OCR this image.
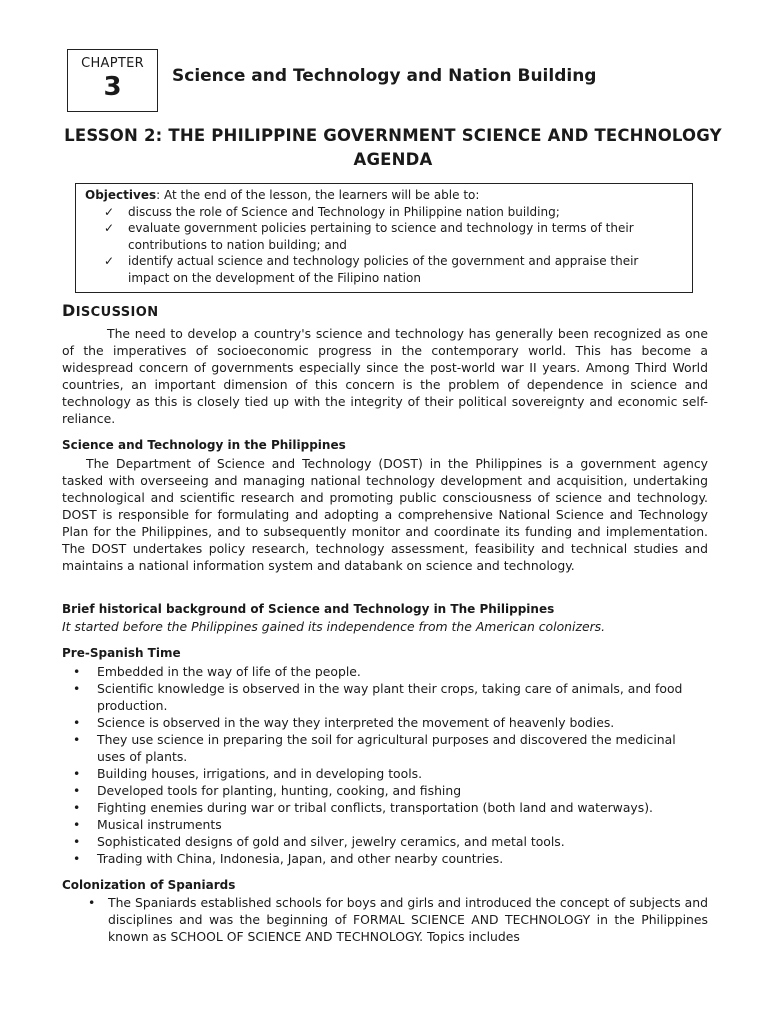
CHAPTER
3	Science and Technology and Nation Building
LESSON 2: THE PHILIPPINE GOVERNMENT SCIENCE AND TECHNOLOGY AGENDA
Objectives: At the end of the lesson, the learners will be able to:
✓ discuss the role of Science and Technology in Philippine nation building;
✓ evaluate government policies pertaining to science and technology in terms of their contributions to nation building; and
✓ identify actual science and technology policies of the government and appraise their impact on the development of the Filipino nation
DISCUSSION
The need to develop a country's science and technology has generally been recognized as one of the imperatives of socioeconomic progress in the contemporary world. This has become a widespread concern of governments especially since the post-world war II years. Among Third World countries, an important dimension of this concern is the problem of dependence in science and technology as this is closely tied up with the integrity of their political sovereignty and economic self-reliance.
Science and Technology in the Philippines
The Department of Science and Technology (DOST) in the Philippines is a government agency tasked with overseeing and managing national technology development and acquisition, undertaking technological and scientific research and promoting public consciousness of science and technology. DOST is responsible for formulating and adopting a comprehensive National Science and Technology Plan for the Philippines, and to subsequently monitor and coordinate its funding and implementation. The DOST undertakes policy research, technology assessment, feasibility and technical studies and maintains a national information system and databank on science and technology.
Brief historical background of Science and Technology in The Philippines
It started before the Philippines gained its independence from the American colonizers.
Pre-Spanish Time
• Embedded in the way of life of the people.
• Scientific knowledge is observed in the way plant their crops, taking care of animals, and food production.
• Science is observed in the way they interpreted the movement of heavenly bodies.
• They use science in preparing the soil for agricultural purposes and discovered the medicinal uses of plants.
• Building houses, irrigations, and in developing tools.
• Developed tools for planting, hunting, cooking, and fishing
• Fighting enemies during war or tribal conflicts, transportation (both land and waterways).
• Musical instruments
• Sophisticated designs of gold and silver, jewelry ceramics, and metal tools.
• Trading with China, Indonesia, Japan, and other nearby countries.
Colonization of Spaniards
• The Spaniards established schools for boys and girls and introduced the concept of subjects and disciplines and was the beginning of FORMAL SCIENCE AND TECHNOLOGY in the Philippines known as SCHOOL OF SCIENCE AND TECHNOLOGY. Topics includes
